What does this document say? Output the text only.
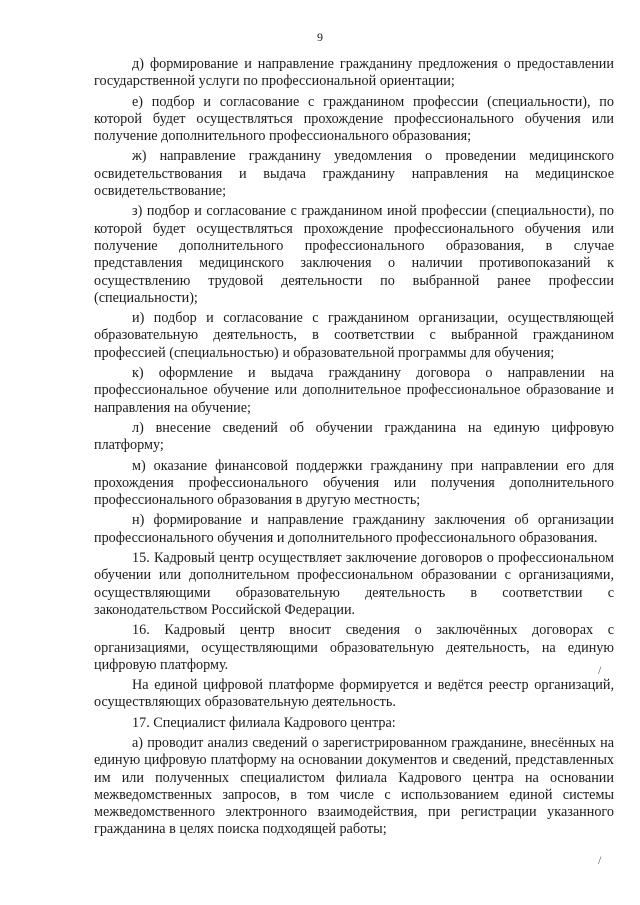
9

д) формирование и направление гражданину предложения о предоставлении государственной услуги по профессиональной ориентации;

е) подбор и согласование с гражданином профессии (специальности), по которой будет осуществляться прохождение профессионального обучения или получение дополнительного профессионального образования;

ж) направление гражданину уведомления о проведении медицинского освидетельствования и выдача гражданину направления на медицинское освидетельствование;

з) подбор и согласование с гражданином иной профессии (специальности), по которой будет осуществляться прохождение профессионального обучения или получение дополнительного профессионального образования, в случае представления медицинского заключения о наличии противопоказаний к осуществлению трудовой деятельности по выбранной ранее профессии (специальности);

и) подбор и согласование с гражданином организации, осуществляющей образовательную деятельность, в соответствии с выбранной гражданином профессией (специальностью) и образовательной программы для обучения;

к) оформление и выдача гражданину договора о направлении на профессиональное обучение или дополнительное профессиональное образование и направления на обучение;

л) внесение сведений об обучении гражданина на единую цифровую платформу;

м) оказание финансовой поддержки гражданину при направлении его для прохождения профессионального обучения или получения дополнительного профессионального образования в другую местность;

н) формирование и направление гражданину заключения об организации профессионального обучения и дополнительного профессионального образования.

15. Кадровый центр осуществляет заключение договоров о профессиональном обучении или дополнительном профессиональном образовании с организациями, осуществляющими образовательную деятельность в соответствии с законодательством Российской Федерации.

16. Кадровый центр вносит сведения о заключённых договорах с организациями, осуществляющими образовательную деятельность, на единую цифровую платформу.

На единой цифровой платформе формируется и ведётся реестр организаций, осуществляющих образовательную деятельность.

17. Специалист филиала Кадрового центра:

а) проводит анализ сведений о зарегистрированном гражданине, внесённых на единую цифровую платформу на основании документов и сведений, представленных им или полученных специалистом филиала Кадрового центра на основании межведомственных запросов, в том числе с использованием единой системы межведомственного электронного взаимодействия, при регистрации указанного гражданина в целях поиска подходящей работы;

/
/
